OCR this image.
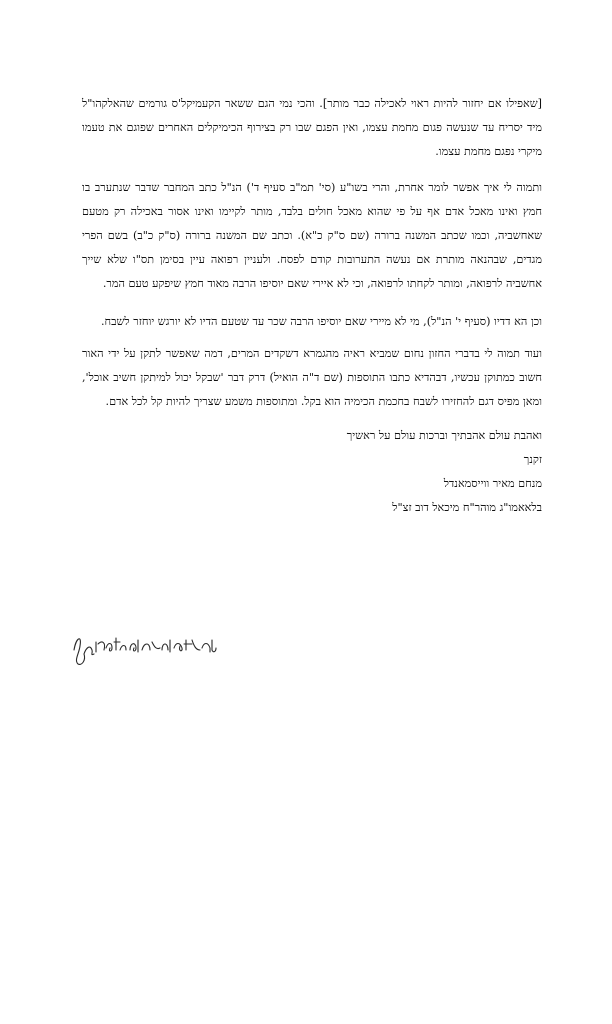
[שאפילו אם יחזור להיות ראוי לאכילה כבר מותר]. והכי נמי הגם ששאר הקעמיקל'ס גורמים שהאלקהו"ל מיד יסריח עד שנעשה פגום מחמת עצמו, ואין הפגם שבו רק בצירוף הכימיקלים האחרים שפוגם את טעמו מיקרי נפגם מחמת עצמו.

ותמוה לי איך אפשר לומר אחרת, והרי בשו"ע (סי' תמ"ב סעיף ד') הנ"ל כתב המחבר שדבר שנתערב בו חמץ ואינו מאכל אדם אף על פי שהוא מאכל חולים בלבד, מותר לקיימו ואינו אסור באכילה רק מטעם שאחשביה, וכמו שכתב המשנה ברורה (שם ס"ק כ"א). וכתב שם המשנה ברורה (ס"ק כ"ב) בשם הפרי מגדים, שבהנאה מותרת אם נעשה התערובות קודם לפסח. ולעניין רפואה עיין בסימן תס"ו שלא שייך אחשביה לרפואה, ומותר לקחתו לרפואה, וכי לא איירי שאם יוסיפו הרבה מאוד חמץ שיפקע טעם המר.

וכן הא דדיו (סעיף י' הנ"ל), מי לא מיירי שאם יוסיפו הרבה שכר עד שטעם הדיו לא יורגש יוחזר לשבח.

ועוד תמוה לי בדברי החזון נחום שמביא ראיה מהגמרא דשקדים המרים, דמה שאפשר לתקן על ידי האור חשוב כמתוקן עכשיו, דבהדיא כתבו התוספות (שם ד"ה הואיל) דרק דבר 'שבקל יכול למיתקן חשיב אוכל', ומאן מפיס דגם להחזירו לשבח בחכמת הכימיה הוא בקל. ומתוספות משמע שצריך להיות קל לכל אדם.

ואהבת עולם אהבתיך וברכות עולם על ראשיך
זקנך
מנחם מאיר ווייסמאנדל
בלאאמו"ג מוהר"ח מיכאל דוב זצ"ל
